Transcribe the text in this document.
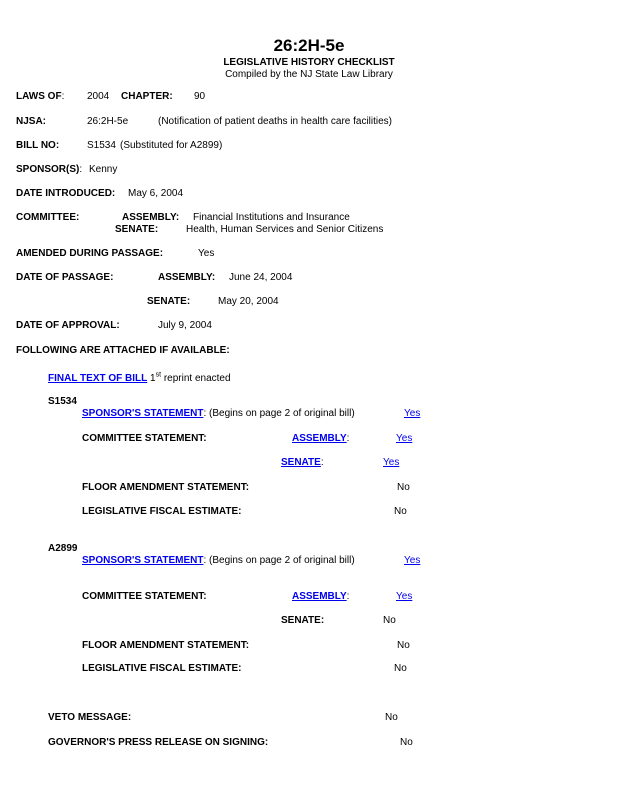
26:2H-5e
LEGISLATIVE HISTORY CHECKLIST
Compiled by the NJ State Law Library
LAWS OF: 2004 CHAPTER: 90
NJSA:	26:2H-5e	(Notification of patient deaths in health care facilities)
BILL NO:	S1534 (Substituted for A2899)
SPONSOR(S): Kenny
DATE INTRODUCED: May 6, 2004
COMMITTEE:	ASSEMBLY: Financial Institutions and Insurance
SENATE:	Health, Human Services and Senior Citizens
AMENDED DURING PASSAGE:	Yes
DATE OF PASSAGE:	ASSEMBLY: June 24, 2004
SENATE:	May 20, 2004
DATE OF APPROVAL:	July 9, 2004
FOLLOWING ARE ATTACHED IF AVAILABLE:
FINAL TEXT OF BILL 1st reprint enacted
S1534
SPONSOR'S STATEMENT: (Begins on page 2 of original bill)	Yes
COMMITTEE STATEMENT:	ASSEMBLY:	Yes
SENATE:	Yes
FLOOR AMENDMENT STATEMENT:	No
LEGISLATIVE FISCAL ESTIMATE:	No
A2899
SPONSOR'S STATEMENT: (Begins on page 2 of original bill)	Yes
COMMITTEE STATEMENT:	ASSEMBLY:	Yes
SENATE:	No
FLOOR AMENDMENT STATEMENT:	No
LEGISLATIVE FISCAL ESTIMATE:	No
VETO MESSAGE:	No
GOVERNOR'S PRESS RELEASE ON SIGNING:	No
